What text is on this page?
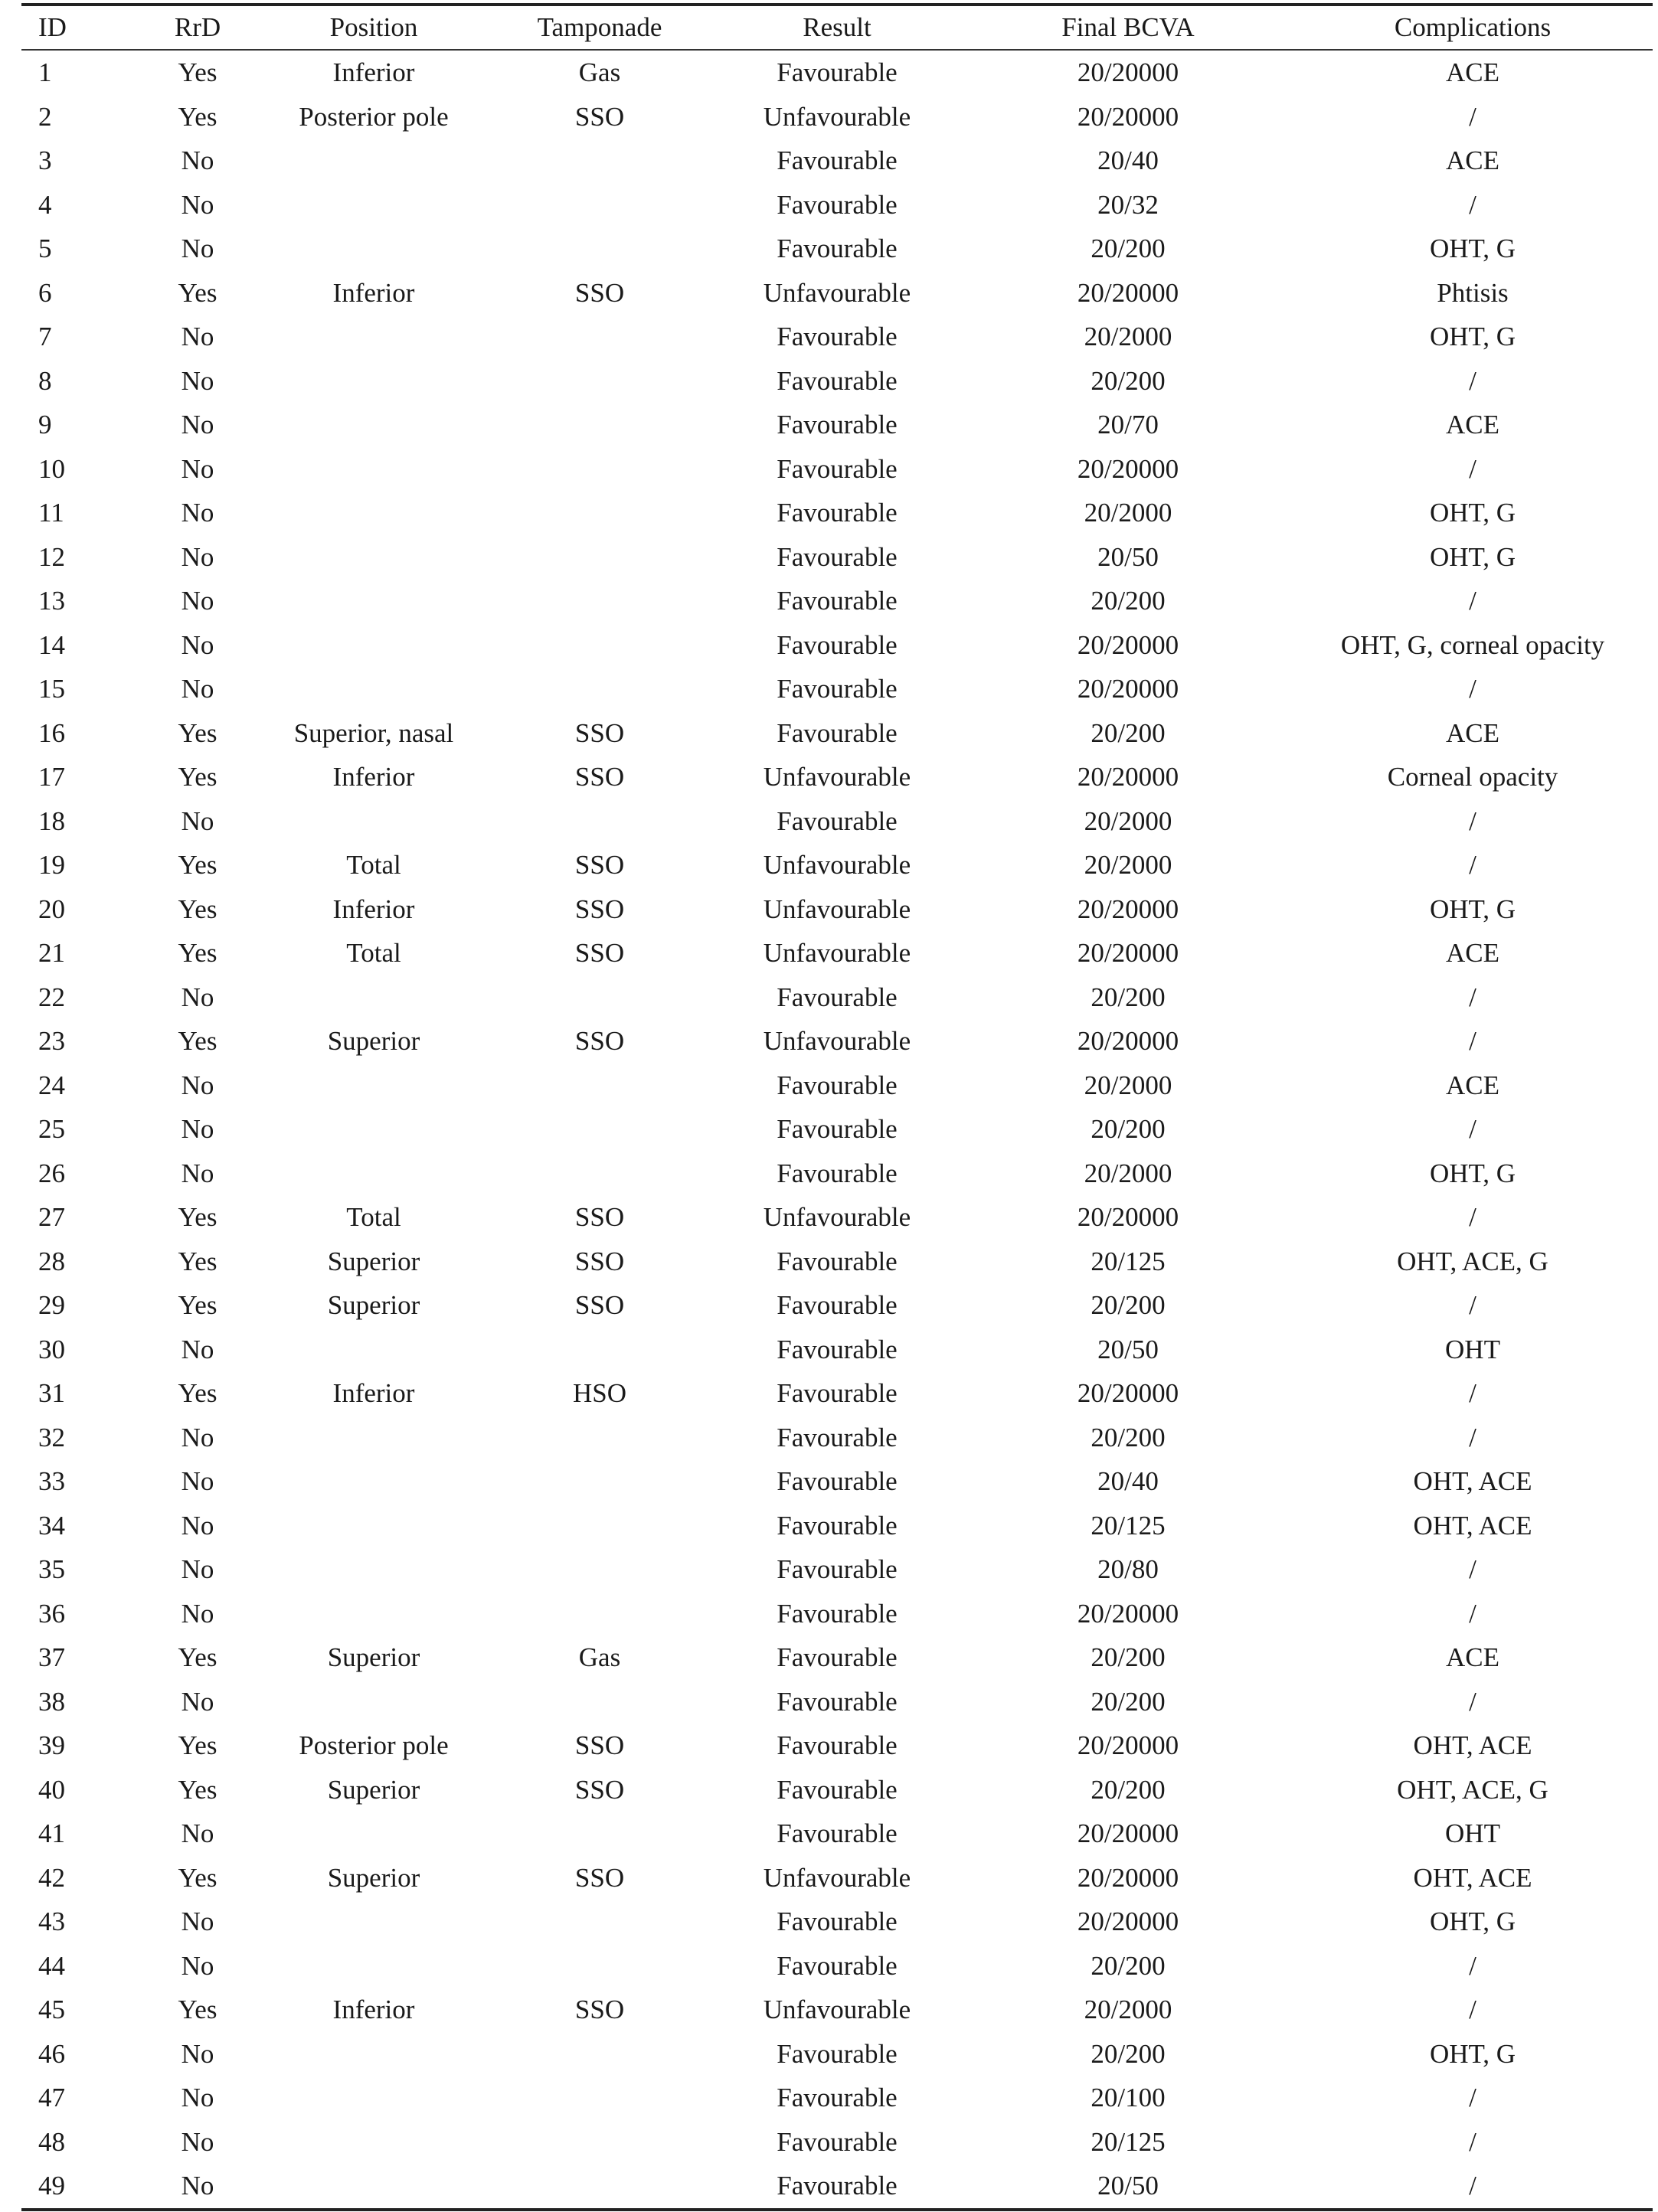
ID	RrD	Position	Tamponade	Result	Final BCVA	Complications

1	Yes	Inferior	Gas	Favourable	20/20000	ACE
2	Yes	Posterior pole	SSO	Unfavourable	20/20000	/
3	No			Favourable	20/40	ACE
4	No			Favourable	20/32	/
5	No			Favourable	20/200	OHT, G
6	Yes	Inferior	SSO	Unfavourable	20/20000	Phtisis
7	No			Favourable	20/2000	OHT, G
8	No			Favourable	20/200	/
9	No			Favourable	20/70	ACE
10	No			Favourable	20/20000	/
11	No			Favourable	20/2000	OHT, G
12	No			Favourable	20/50	OHT, G
13	No			Favourable	20/200	/
14	No			Favourable	20/20000	OHT, G, corneal opacity
15	No			Favourable	20/20000	/
16	Yes	Superior, nasal	SSO	Favourable	20/200	ACE
17	Yes	Inferior	SSO	Unfavourable	20/20000	Corneal opacity
18	No			Favourable	20/2000	/
19	Yes	Total	SSO	Unfavourable	20/2000	/
20	Yes	Inferior	SSO	Unfavourable	20/20000	OHT, G
21	Yes	Total	SSO	Unfavourable	20/20000	ACE
22	No			Favourable	20/200	/
23	Yes	Superior	SSO	Unfavourable	20/20000	/
24	No			Favourable	20/2000	ACE
25	No			Favourable	20/200	/
26	No			Favourable	20/2000	OHT, G
27	Yes	Total	SSO	Unfavourable	20/20000	/
28	Yes	Superior	SSO	Favourable	20/125	OHT, ACE, G
29	Yes	Superior	SSO	Favourable	20/200	/
30	No			Favourable	20/50	OHT
31	Yes	Inferior	HSO	Favourable	20/20000	/
32	No			Favourable	20/200	/
33	No			Favourable	20/40	OHT, ACE
34	No			Favourable	20/125	OHT, ACE
35	No			Favourable	20/80	/
36	No			Favourable	20/20000	/
37	Yes	Superior	Gas	Favourable	20/200	ACE
38	No			Favourable	20/200	/
39	Yes	Posterior pole	SSO	Favourable	20/20000	OHT, ACE
40	Yes	Superior	SSO	Favourable	20/200	OHT, ACE, G
41	No			Favourable	20/20000	OHT
42	Yes	Superior	SSO	Unfavourable	20/20000	OHT, ACE
43	No			Favourable	20/20000	OHT, G
44	No			Favourable	20/200	/
45	Yes	Inferior	SSO	Unfavourable	20/2000	/
46	No			Favourable	20/200	OHT, G
47	No			Favourable	20/100	/
48	No			Favourable	20/125	/
49	No			Favourable	20/50	/
